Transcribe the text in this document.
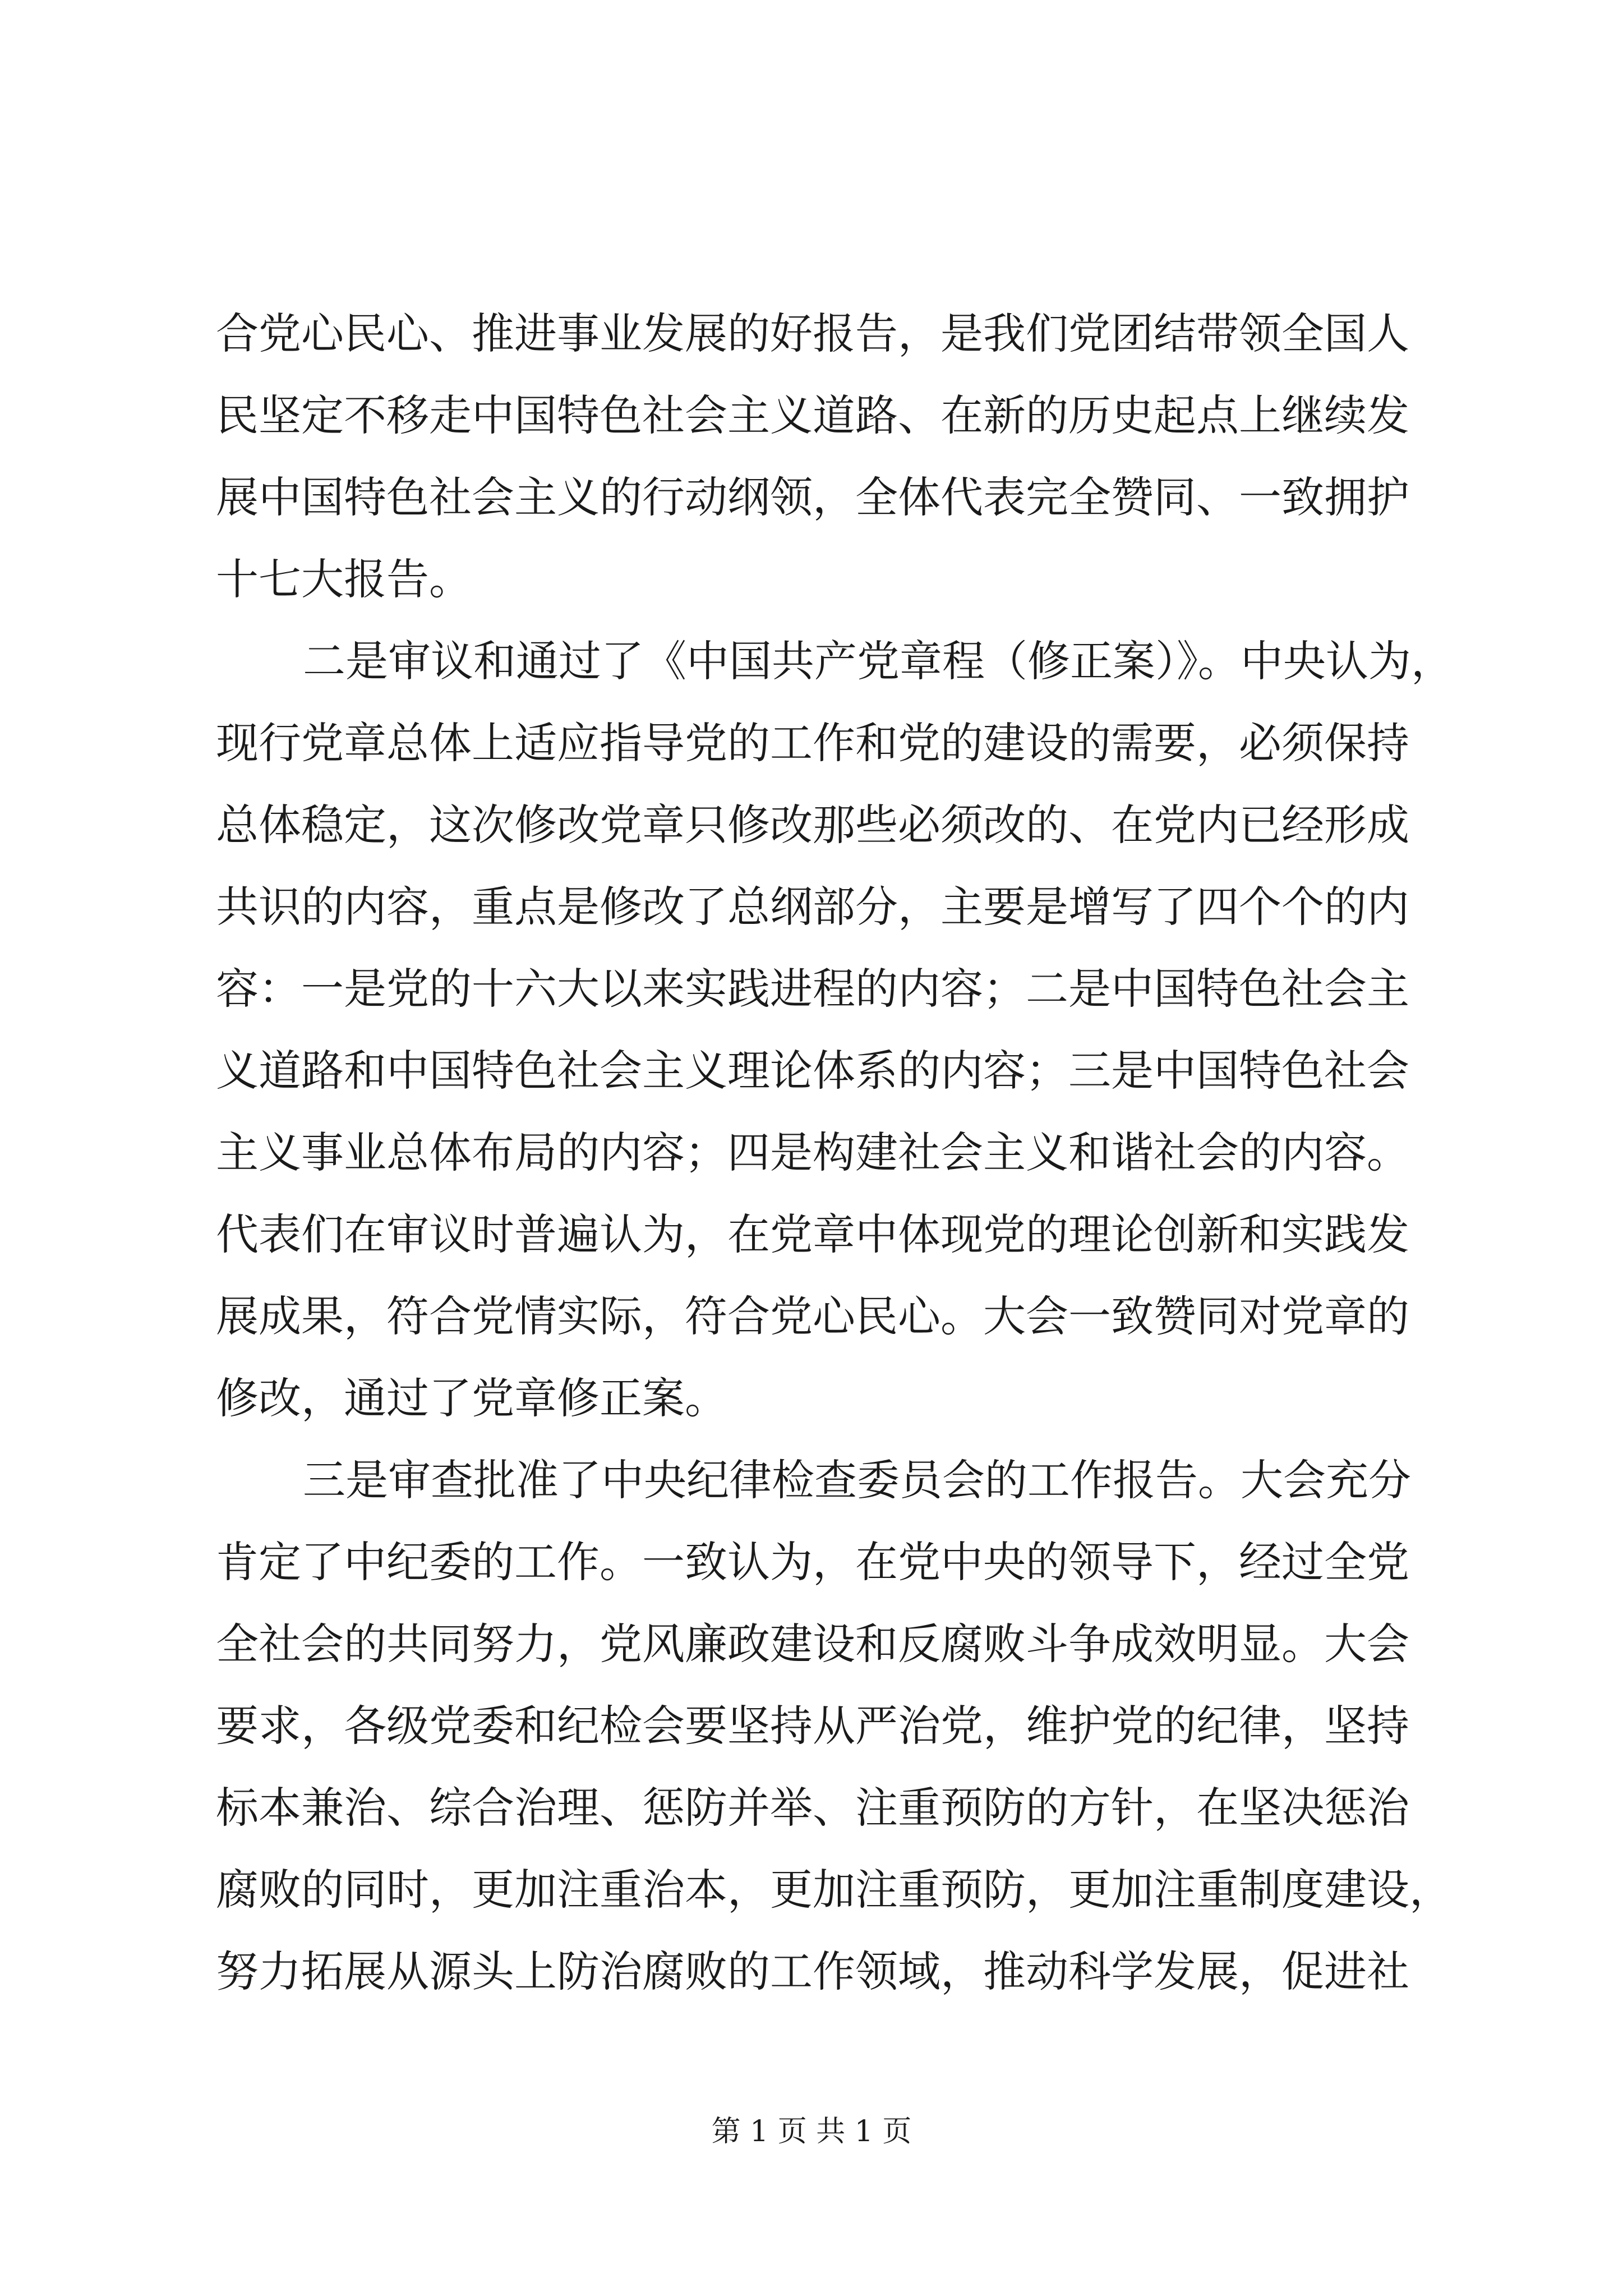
合党心民心、推进事业发展的好报告，是我们党团结带领全国人
民坚定不移走中国特色社会主义道路、在新的历史起点上继续发
展中国特色社会主义的行动纲领，全体代表完全赞同、一致拥护
十七大报告。
二是审议和通过了《中国共产党章程（修正案）》。中央认为，
现行党章总体上适应指导党的工作和党的建设的需要，必须保持
总体稳定，这次修改党章只修改那些必须改的、在党内已经形成
共识的内容，重点是修改了总纲部分，主要是增写了四个个的内
容：一是党的十六大以来实践进程的内容；二是中国特色社会主
义道路和中国特色社会主义理论体系的内容；三是中国特色社会
主义事业总体布局的内容；四是构建社会主义和谐社会的内容。
代表们在审议时普遍认为，在党章中体现党的理论创新和实践发
展成果，符合党情实际，符合党心民心。大会一致赞同对党章的
修改，通过了党章修正案。
三是审查批准了中央纪律检查委员会的工作报告。大会充分
肯定了中纪委的工作。一致认为，在党中央的领导下，经过全党
全社会的共同努力，党风廉政建设和反腐败斗争成效明显。大会
要求，各级党委和纪检会要坚持从严治党，维护党的纪律，坚持
标本兼治、综合治理、惩防并举、注重预防的方针，在坚决惩治
腐败的同时，更加注重治本，更加注重预防，更加注重制度建设，
努力拓展从源头上防治腐败的工作领域，推动科学发展，促进社
第 1 页 共 1 页
